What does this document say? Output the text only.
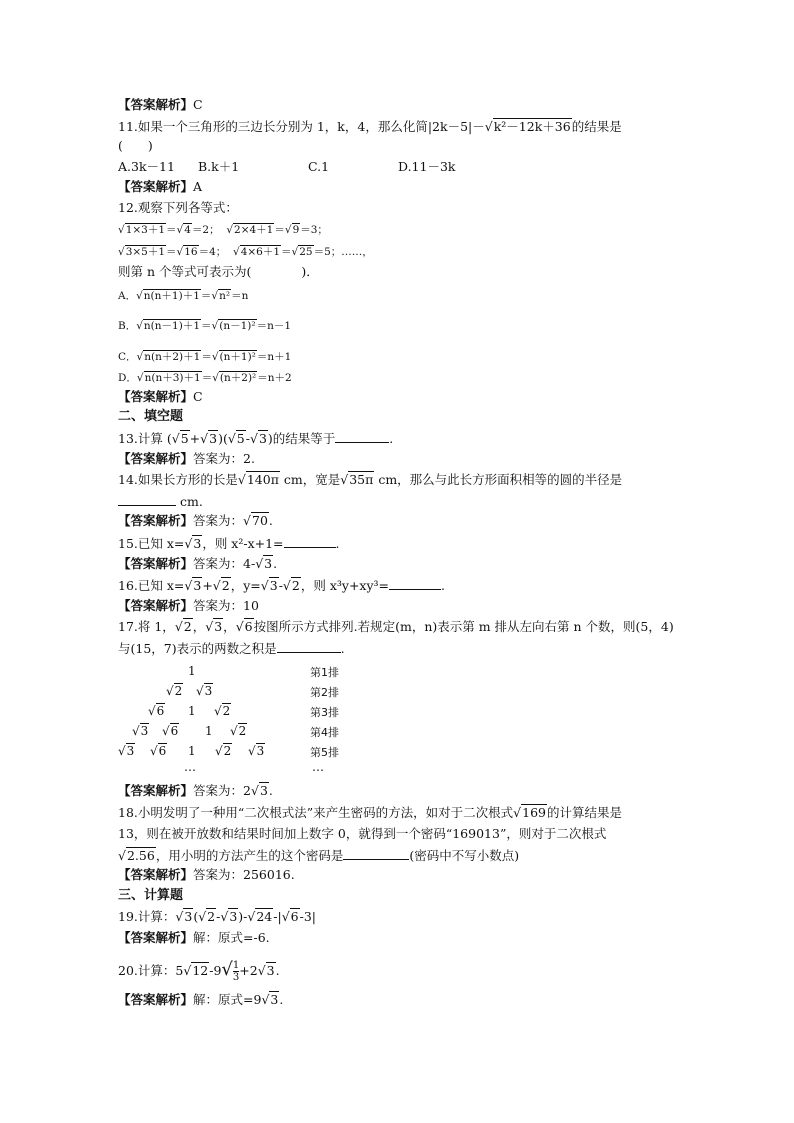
【答案解析】C
11.如果一个三角形的三边长分别为 1，k，4，那么化简|2k－5|－√k²－12k＋36的结果是
(　　)
A.3k－11 B.k＋1	C.1	D.11－3k
【答案解析】A
12.观察下列各等式：
√1×3＋1＝√4＝2； √2×4＋1＝√9＝3；
√3×5＋1＝√16＝4； √4×6＋1＝√25＝5；……，
则第 n 个等式可表示为(　　　　)．
A．√n(n＋1)＋1＝√n²＝n
B．√n(n－1)＋1＝√(n－1)²＝n－1
C．√n(n＋2)＋1＝√(n＋1)²＝n＋1
D．√n(n＋3)＋1＝√(n＋2)²＝n＋2
【答案解析】C
二、填空题
13.计算 (√5+√3)(√5-√3)的结果等于	.
【答案解析】答案为：2.
14.如果长方形的长是√140π cm，宽是√35π cm，那么与此长方形面积相等的圆的半径是
cm.
【答案解析】答案为：√70.
15.已知 x=√3，则 x²-x+1=	.
【答案解析】答案为：4-√3.
16.已知 x=√3+√2，y=√3-√2，则 x³y+xy³=	.
【答案解析】答案为：10
17.将 1，√2，√3，√6按图所示方式排列.若规定(m，n)表示第 m 排从左向右第 n 个数，则(5，4)
与(15，7)表示的两数之积是	.
1	第1排
√2 √3	第2排
√6 1 √2	第3排
√3 √6 1 √2	第4排
√3 √6 1 √2 √3	第5排
…	…
【答案解析】答案为：2√3.
18.小明发明了一种用“二次根式法”来产生密码的方法，如对于二次根式√169的计算结果是
13，则在被开放数和结果时间加上数字 0，就得到一个密码“169013”，则对于二次根式
√2.56，用小明的方法产生的这个密码是	(密码中不写小数点)
【答案解析】答案为：256016.
三、计算题
19.计算：√3(√2-√3)-√24-|√6-3|
【答案解析】解：原式=-6.
20.计算：$5√12-9√ \frac{1}{3} +2√3$.
【答案解析】解：原式=9√3.
